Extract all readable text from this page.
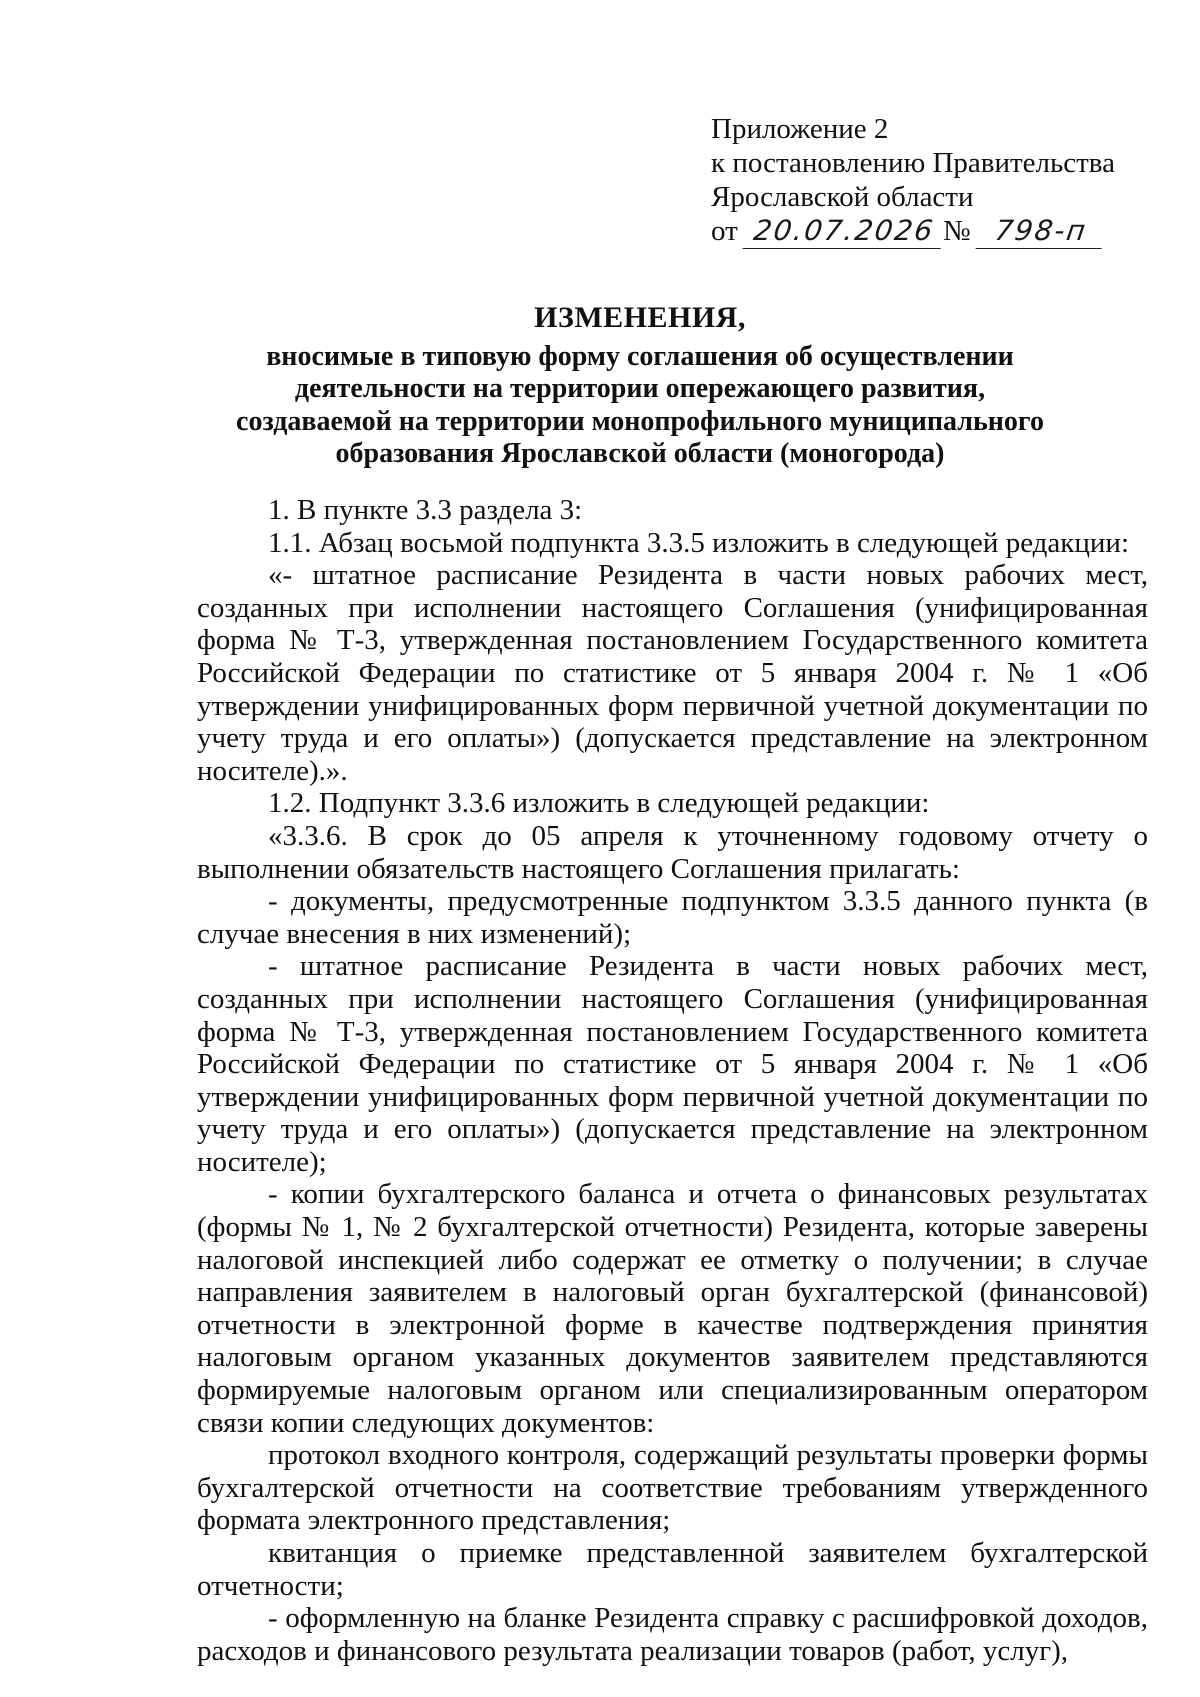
Приложение 2
к постановлению Правительства
Ярославской области
от 20.07.2026 № 798-п
ИЗМЕНЕНИЯ,
вносимые в типовую форму соглашения об осуществлении
деятельности на территории опережающего развития,
создаваемой на территории монопрофильного муниципального
образования Ярославской области (моногорода)

1. В пункте 3.3 раздела 3:

1.1. Абзац восьмой подпункта 3.3.5 изложить в следующей редакции:

«- штатное расписание Резидента в части новых рабочих мест, созданных при исполнении настоящего Соглашения (унифицированная форма № Т-3, утвержденная постановлением Государственного комитета Российской Федерации по статистике от 5 января 2004 г. № 1 «Об утверждении унифицированных форм первичной учетной документации по учету труда и его оплаты») (допускается представление на электронном носителе).».

1.2. Подпункт 3.3.6 изложить в следующей редакции:

«3.3.6. В срок до 05 апреля к уточненному годовому отчету о выполнении обязательств настоящего Соглашения прилагать:

- документы, предусмотренные подпунктом 3.3.5 данного пункта (в случае внесения в них изменений);

- штатное расписание Резидента в части новых рабочих мест, созданных при исполнении настоящего Соглашения (унифицированная форма № Т-3, утвержденная постановлением Государственного комитета Российской Федерации по статистике от 5 января 2004 г. № 1 «Об утверждении унифицированных форм первичной учетной документации по учету труда и его оплаты») (допускается представление на электронном носителе);

- копии бухгалтерского баланса и отчета о финансовых результатах (формы № 1, № 2 бухгалтерской отчетности) Резидента, которые заверены налоговой инспекцией либо содержат ее отметку о получении; в случае направления заявителем в налоговый орган бухгалтерской (финансовой) отчетности в электронной форме в качестве подтверждения принятия налоговым органом указанных документов заявителем представляются формируемые налоговым органом или специализированным оператором связи копии следующих документов:

протокол входного контроля, содержащий результаты проверки формы бухгалтерской отчетности на соответствие требованиям утвержденного формата электронного представления;

квитанция о приемке представленной заявителем бухгалтерской отчетности;

- оформленную на бланке Резидента справку с расшифровкой доходов, расходов и финансового результата реализации товаров (работ, услуг),
